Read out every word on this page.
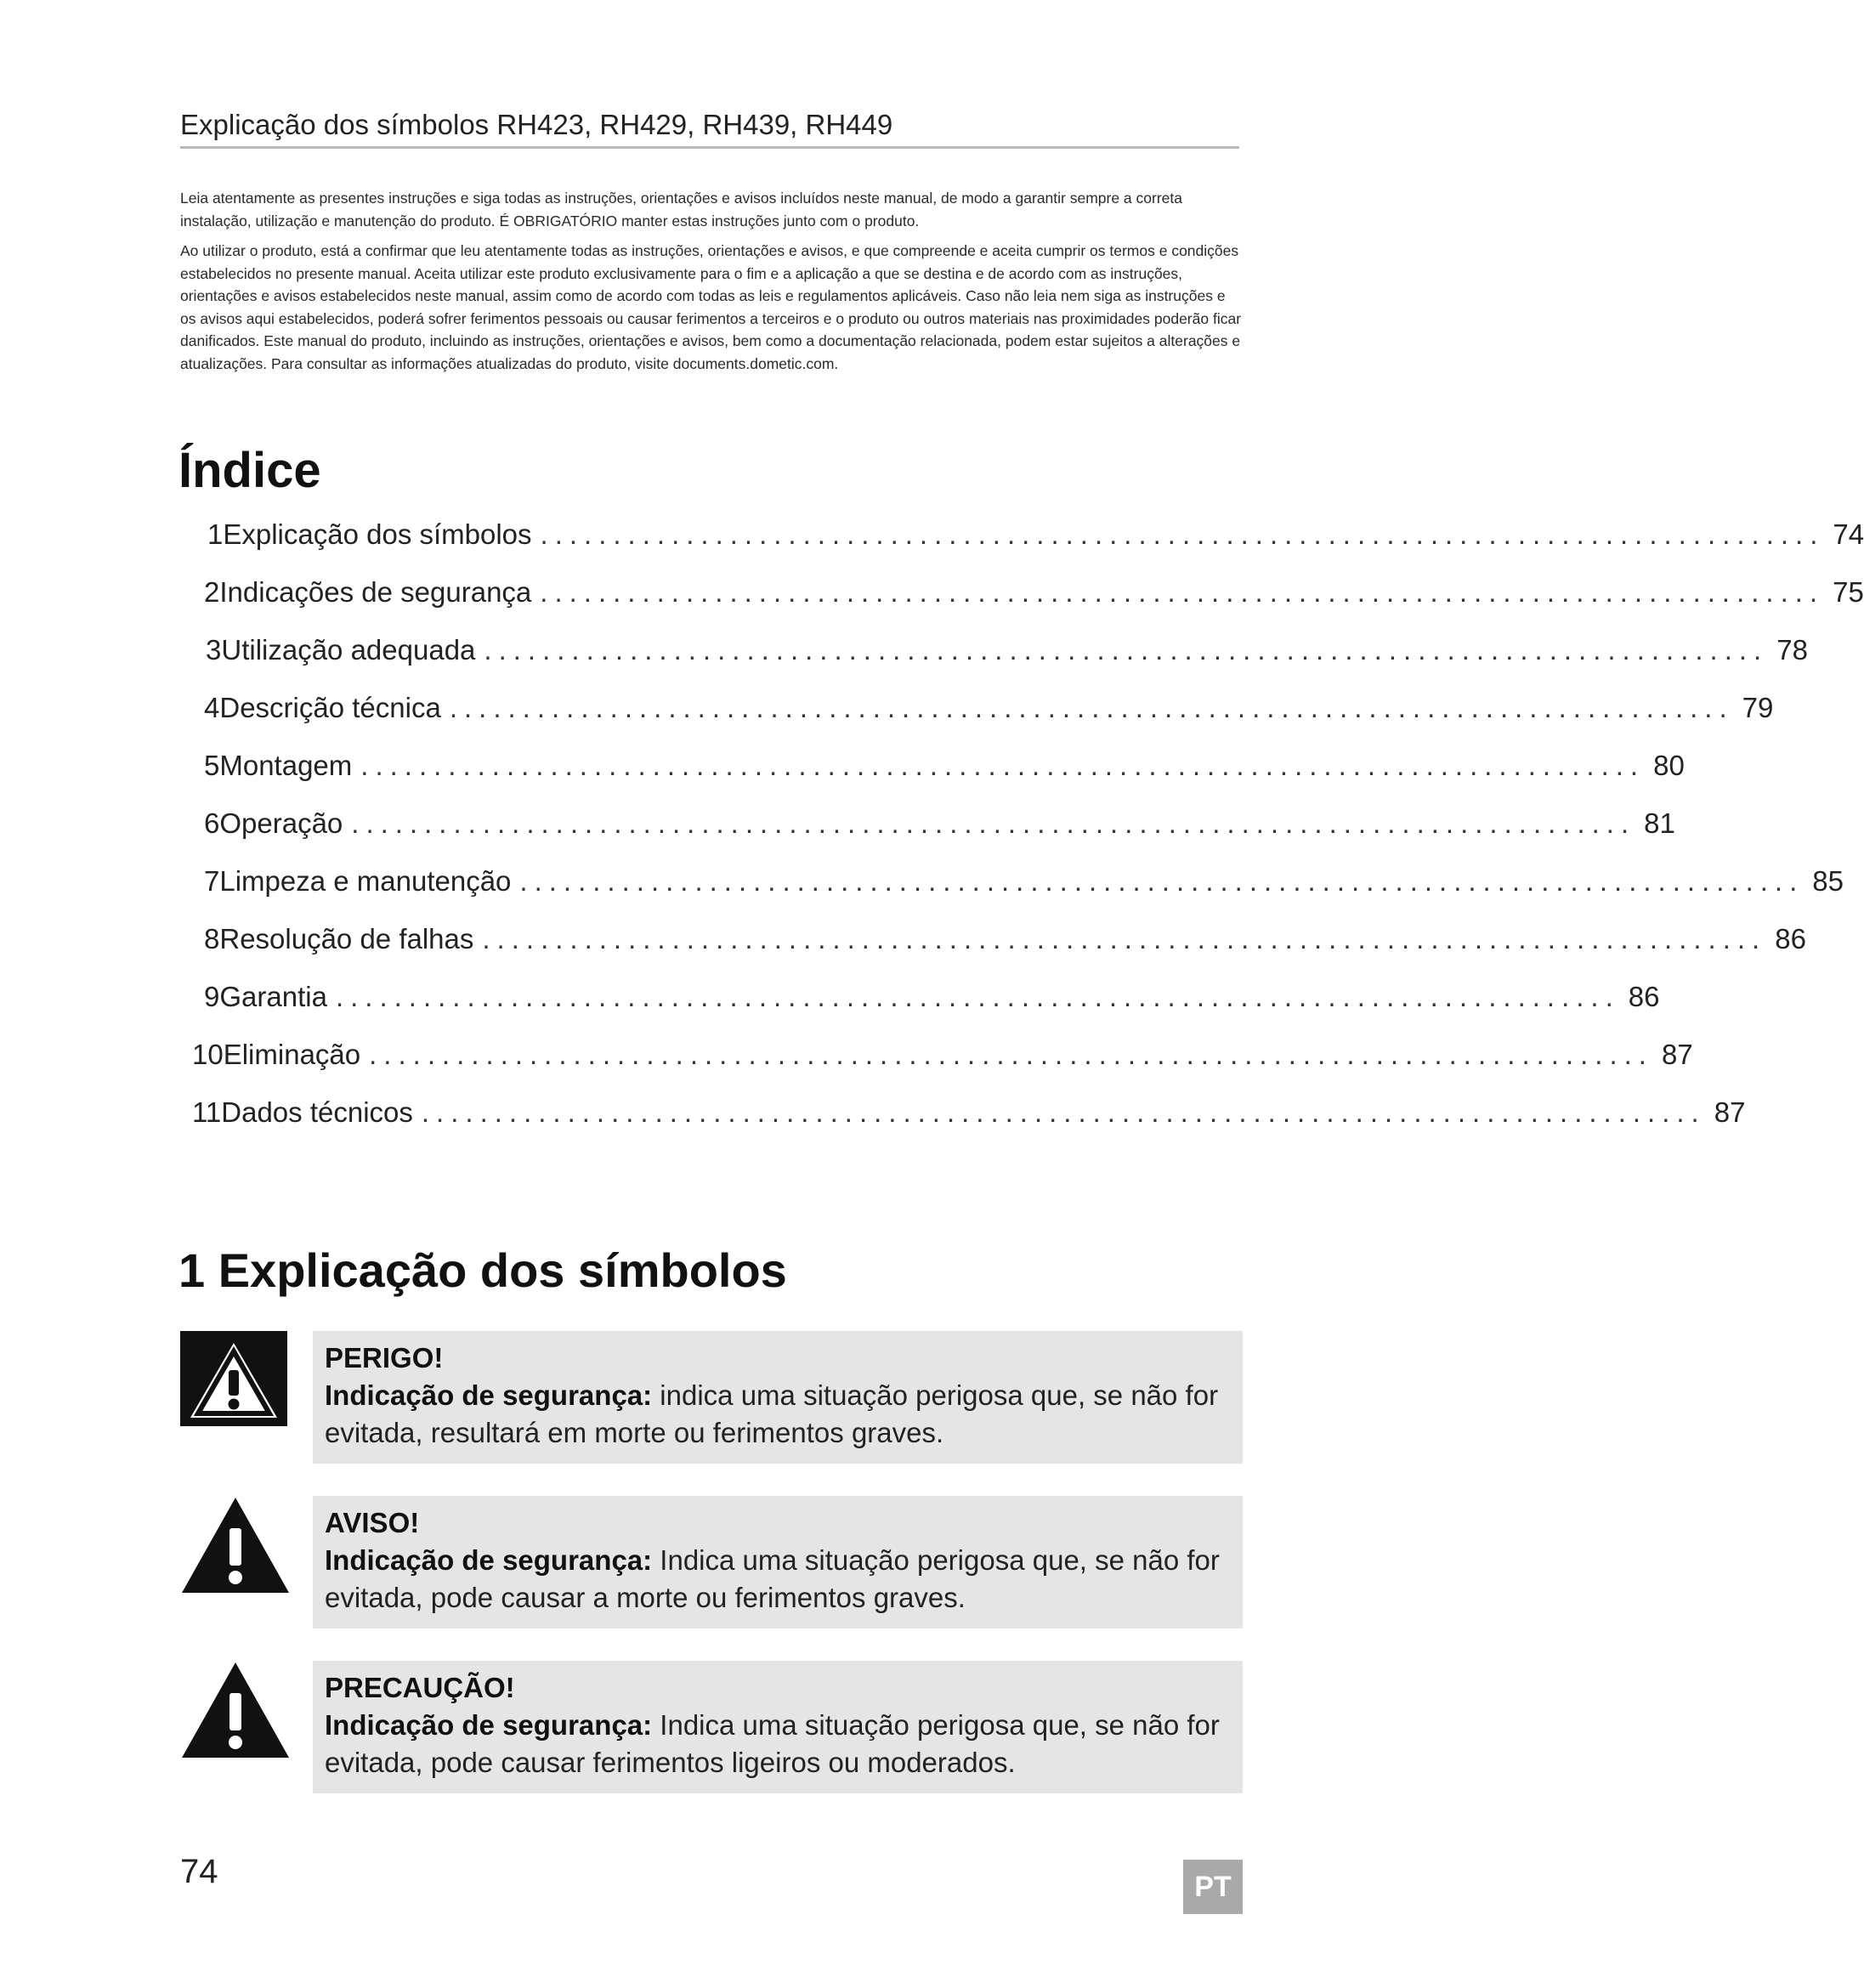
Explicação dos símbolos RH423, RH429, RH439, RH449

Leia atentamente as presentes instruções e siga todas as instruções, orientações e avisos incluídos neste manual, de modo a garantir sempre a correta instalação, utilização e manutenção do produto. É OBRIGATÓRIO manter estas instruções junto com o produto.

Ao utilizar o produto, está a confirmar que leu atentamente todas as instruções, orientações e avisos, e que compreende e aceita cumprir os termos e condições estabelecidos no presente manual. Aceita utilizar este produto exclusivamente para o fim e a aplicação a que se destina e de acordo com as instruções, orientações e avisos estabelecidos neste manual, assim como de acordo com todas as leis e regulamentos aplicáveis. Caso não leia nem siga as instruções e os avisos aqui estabelecidos, poderá sofrer ferimentos pessoais ou causar ferimentos a terceiros e o produto ou outros materiais nas proximidades poderão ficar danificados. Este manual do produto, incluindo as instruções, orientações e avisos, bem como a documentação relacionada, podem estar sujeitos a alterações e atualizações. Para consultar as informações atualizadas do produto, visite documents.dometic.com.

Índice
1 Explicação dos símbolos ........................................................................................ 74
2 Indicações de segurança ........................................................................................ 75
3 Utilização adequada ........................................................................................ 78
4 Descrição técnica ........................................................................................ 79
5 Montagem ........................................................................................ 80
6 Operação ........................................................................................ 81
7 Limpeza e manutenção ........................................................................................ 85
8 Resolução de falhas ........................................................................................ 86
9 Garantia ........................................................................................ 86
10 Eliminação ........................................................................................ 87
11 Dados técnicos ........................................................................................ 87
1 Explicação dos símbolos
PERIGO!
Indicação de segurança: indica uma situação perigosa que, se não for evitada, resultará em morte ou ferimentos graves.
AVISO!
Indicação de segurança: Indica uma situação perigosa que, se não for evitada, pode causar a morte ou ferimentos graves.
PRECAUÇÃO!
Indicação de segurança: Indica uma situação perigosa que, se não for evitada, pode causar ferimentos ligeiros ou moderados.
74	PT
